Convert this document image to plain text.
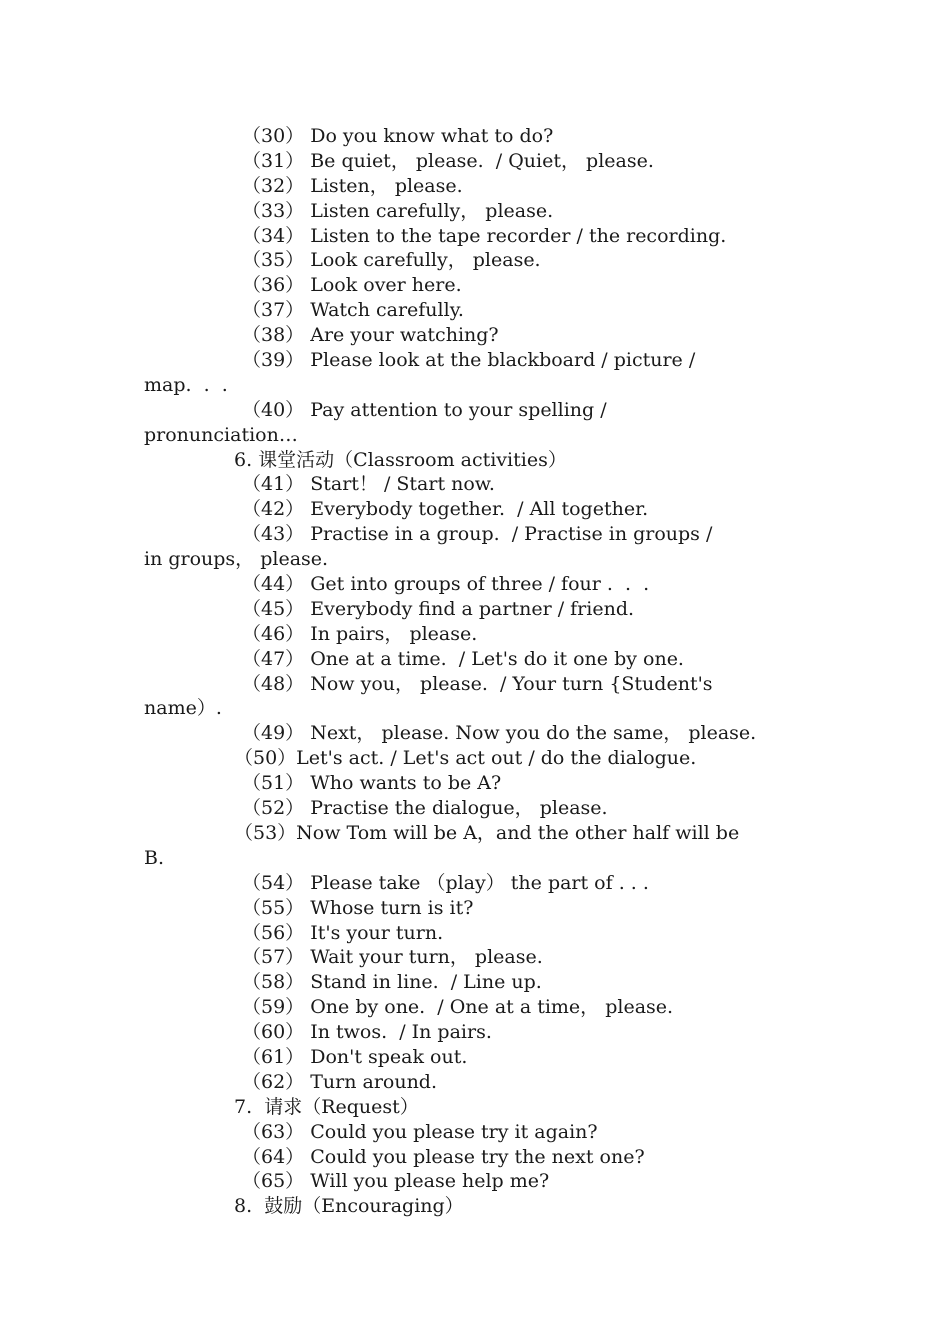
（30） Do you know what to do?
（31） Be quiet， please.  / Quiet， please.
（32） Listen， please.
（33） Listen carefully， please.
（34） Listen to the tape recorder / the recording.
（35） Look carefully， please.
（36） Look over here.
（37） Watch carefully.
（38） Are your watching?
（39） Please look at the blackboard / picture /
map.  .  .
（40） Pay attention to your spelling /
pronunciation…
6. 课堂活动（Classroom activities）
（41） Start！ / Start now.
（42） Everybody together.  / All together.
（43） Practise in a group.  / Practise in groups /
in groups， please.
（44） Get into groups of three / four .  .  .
（45） Everybody find a partner / friend.
（46） In pairs， please.
（47） One at a time.  / Let's do it one by one.
（48） Now you， please.  / Your turn {Student's
name）.
（49） Next， please. Now you do the same， please.
（50）Let's act. / Let's act out / do the dialogue.
（51） Who wants to be A?
（52） Practise the dialogue， please.
（53）Now Tom will be A，and the other half will be
B.
（54） Please take （play） the part of . . .
（55） Whose turn is it?
（56） It's your turn.
（57） Wait your turn， please.
（58） Stand in line.  / Line up.
（59） One by one.  / One at a time， please.
（60） In twos.  / In pairs.
（61） Don't speak out.
（62） Turn around.
7.  请求（Request）
（63） Could you please try it again?
（64） Could you please try the next one?
（65） Will you please help me?
8.  鼓励（Encouraging）
